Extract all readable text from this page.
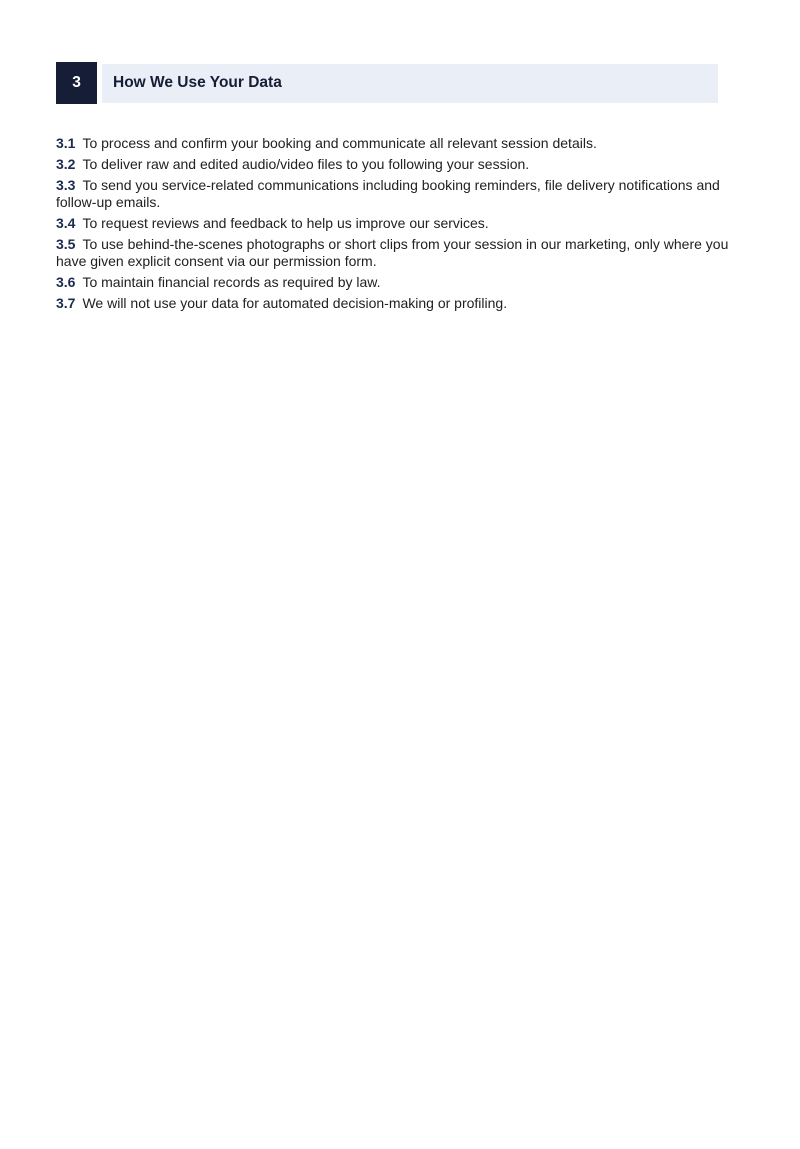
3 How We Use Your Data

3.1 To process and confirm your booking and communicate all relevant session details.

3.2 To deliver raw and edited audio/video files to you following your session.

3.3 To send you service-related communications including booking reminders, file delivery notifications and follow-up emails.

3.4 To request reviews and feedback to help us improve our services.

3.5 To use behind-the-scenes photographs or short clips from your session in our marketing, only where you have given explicit consent via our permission form.

3.6 To maintain financial records as required by law.

3.7 We will not use your data for automated decision-making or profiling.
